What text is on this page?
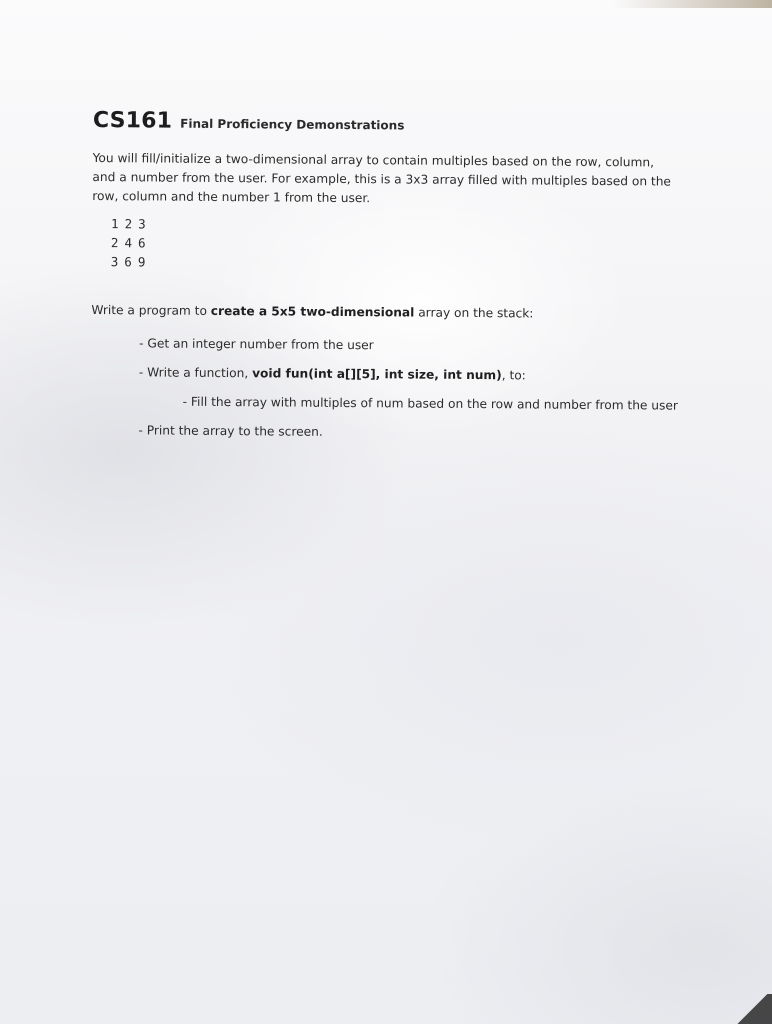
CS161 Final Proficiency Demonstrations

You will fill/initialize a two-dimensional array to contain multiples based on the row, column, and a number from the user. For example, this is a 3x3 array filled with multiples based on the row, column and the number 1 from the user.

1 2 3
2 4 6
3 6 9

Write a program to create a 5x5 two-dimensional array on the stack:

- Get an integer number from the user

- Write a function, void fun(int a[][5], int size, int num), to:

- Fill the array with multiples of num based on the row and number from the user

- Print the array to the screen.
